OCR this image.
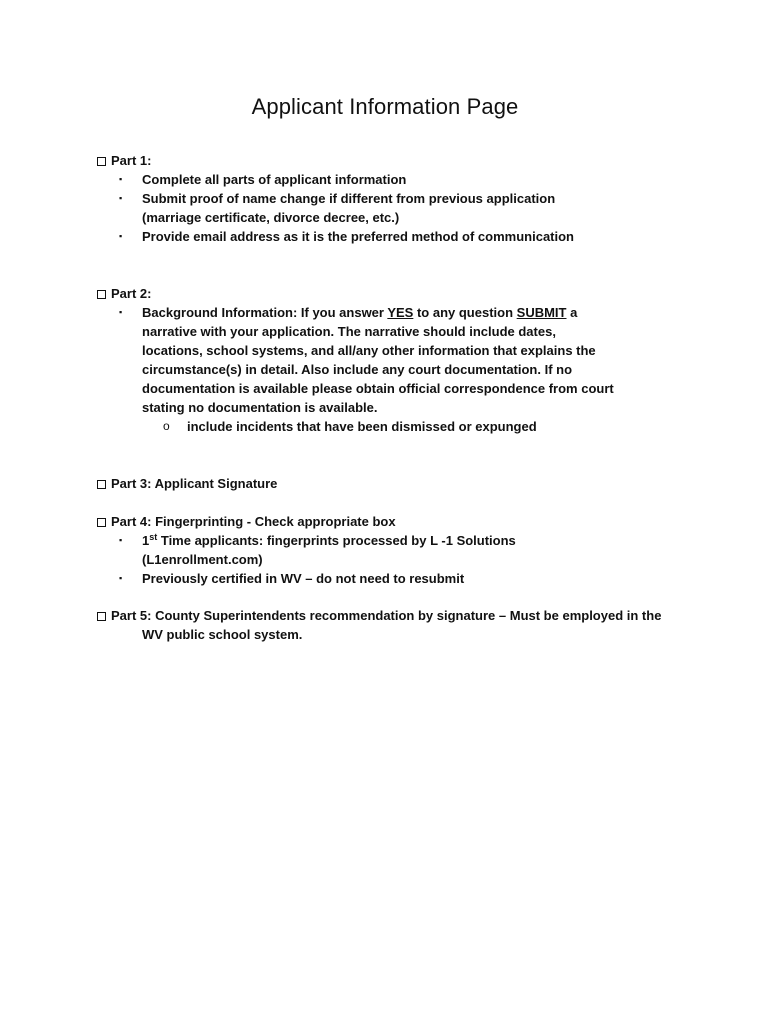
Applicant Information Page
Part 1:
▪ Complete all parts of applicant information
▪ Submit proof of name change if different from previous application
(marriage certificate, divorce decree, etc.)
▪ Provide email address as it is the preferred method of communication
Part 2:
▪ Background Information: If you answer YES to any question SUBMIT a
narrative with your application. The narrative should include dates,
locations, school systems, and all/any other information that explains the
circumstance(s) in detail. Also include any court documentation. If no
documentation is available please obtain official correspondence from court
stating no documentation is available.
o include incidents that have been dismissed or expunged
Part 3: Applicant Signature
Part 4: Fingerprinting - Check appropriate box
▪ 1st Time applicants: fingerprints processed by L -1 Solutions
(L1enrollment.com)
▪ Previously certified in WV – do not need to resubmit
Part 5: County Superintendents recommendation by signature – Must be employed in the
WV public school system.
